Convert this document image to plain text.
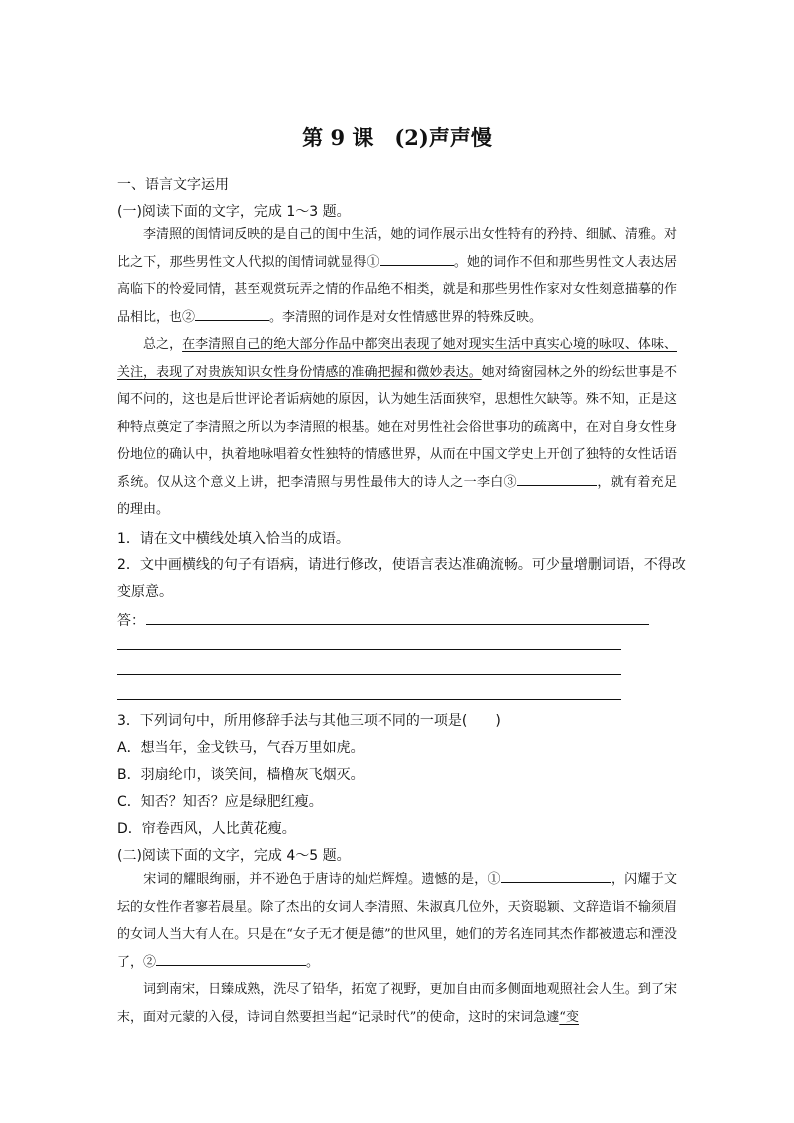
第 9 课　(2)声声慢
一、语言文字运用
(一)阅读下面的文字，完成 1～3 题。
李清照的闺情词反映的是自己的闺中生活，她的词作展示出女性特有的矜持、细腻、清雅。对比之下，那些男性文人代拟的闺情词就显得①	。她的词作不但和那些男性文人表达居高临下的怜爱同情，甚至观赏玩弄之情的作品绝不相类，就是和那些男性作家对女性刻意描摹的作品相比，也②	。李清照的词作是对女性情感世界的特殊反映。
总之，在李清照自己的绝大部分作品中都突出表现了她对现实生活中真实心境的咏叹、体味、关注，表现了对贵族知识女性身份情感的准确把握和微妙表达。她对绮窗园林之外的纷纭世事是不闻不问的，这也是后世评论者诟病她的原因，认为她生活面狭窄，思想性欠缺等。殊不知，正是这种特点奠定了李清照之所以为李清照的根基。她在对男性社会俗世事功的疏离中，在对自身女性身份地位的确认中，执着地咏唱着女性独特的情感世界，从而在中国文学史上开创了独特的女性话语系统。仅从这个意义上讲，把李清照与男性最伟大的诗人之一李白③	，就有着充足的理由。
1．请在文中横线处填入恰当的成语。
2．文中画横线的句子有语病，请进行修改，使语言表达准确流畅。可少量增删词语，不得改
变原意。
答：
3．下列词句中，所用修辞手法与其他三项不同的一项是(　　)
A．想当年，金戈铁马，气吞万里如虎。
B．羽扇纶巾，谈笑间，樯橹灰飞烟灭。
C．知否？知否？应是绿肥红瘦。
D．帘卷西风，人比黄花瘦。
(二)阅读下面的文字，完成 4～5 题。
宋词的耀眼绚丽，并不逊色于唐诗的灿烂辉煌。遗憾的是，①	，闪耀于文坛的女性作者寥若晨星。除了杰出的女词人李清照、朱淑真几位外，天资聪颖、文辞造诣不输须眉的女词人当大有人在。只是在“女子无才便是德”的世风里，她们的芳名连同其杰作都被遗忘和湮没了，②	。
词到南宋，日臻成熟，洗尽了铅华，拓宽了视野，更加自由而多侧面地观照社会人生。到了宋末，面对元蒙的入侵，诗词自然要担当起“记录时代”的使命，这时的宋词急遽“变
